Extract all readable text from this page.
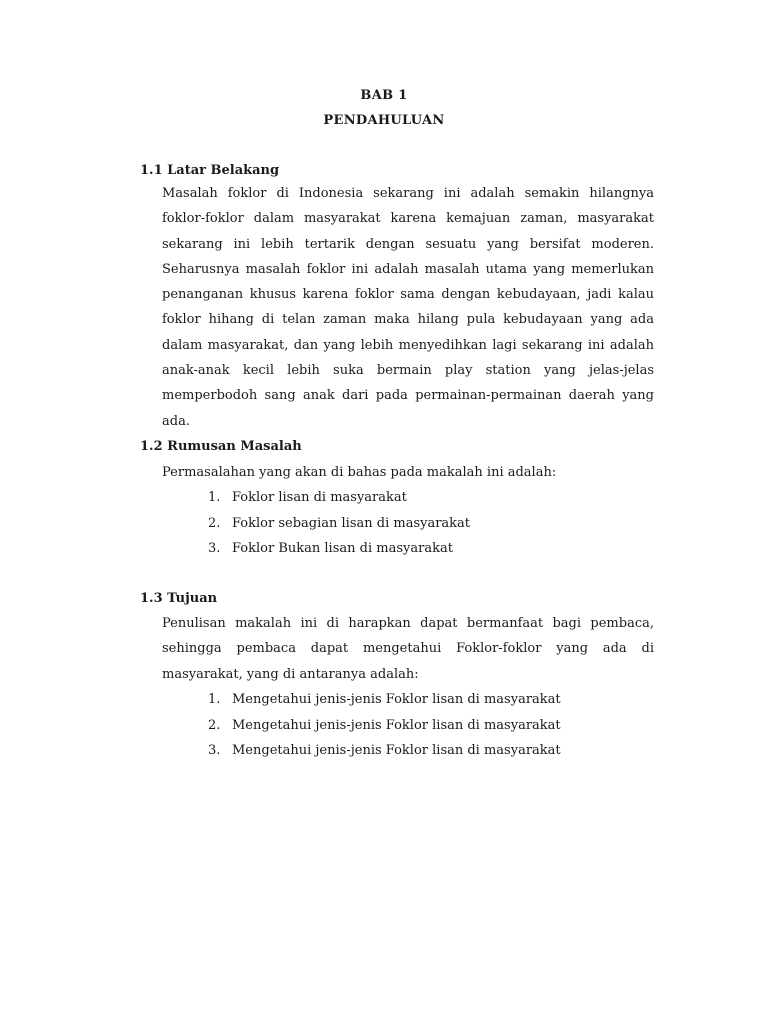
BAB 1
PENDAHULUAN
1.1 Latar Belakang

Masalah foklor di Indonesia sekarang ini adalah semakin hilangnya foklor-foklor dalam masyarakat karena kemajuan zaman, masyarakat sekarang ini lebih tertarik dengan sesuatu yang bersifat moderen. Seharusnya masalah foklor ini adalah masalah utama yang memerlukan penanganan khusus karena foklor sama dengan kebudayaan, jadi kalau foklor hihang di telan zaman maka hilang pula kebudayaan yang ada dalam masyarakat, dan yang lebih menyedihkan lagi sekarang ini adalah anak-anak kecil lebih suka bermain play station yang jelas-jelas memperbodoh sang anak dari pada permainan-permainan daerah yang ada.

1.2 Rumusan Masalah
Permasalahan yang akan di bahas pada makalah ini adalah:
1. Foklor lisan di masyarakat
2. Foklor sebagian lisan di masyarakat
3. Foklor Bukan lisan di masyarakat
1.3 Tujuan

Penulisan makalah ini di harapkan dapat bermanfaat bagi pembaca, sehingga pembaca dapat mengetahui Foklor-foklor yang ada di masyarakat, yang di antaranya adalah:

1. Mengetahui jenis-jenis Foklor lisan di masyarakat
2. Mengetahui jenis-jenis Foklor lisan di masyarakat
3. Mengetahui jenis-jenis Foklor lisan di masyarakat
